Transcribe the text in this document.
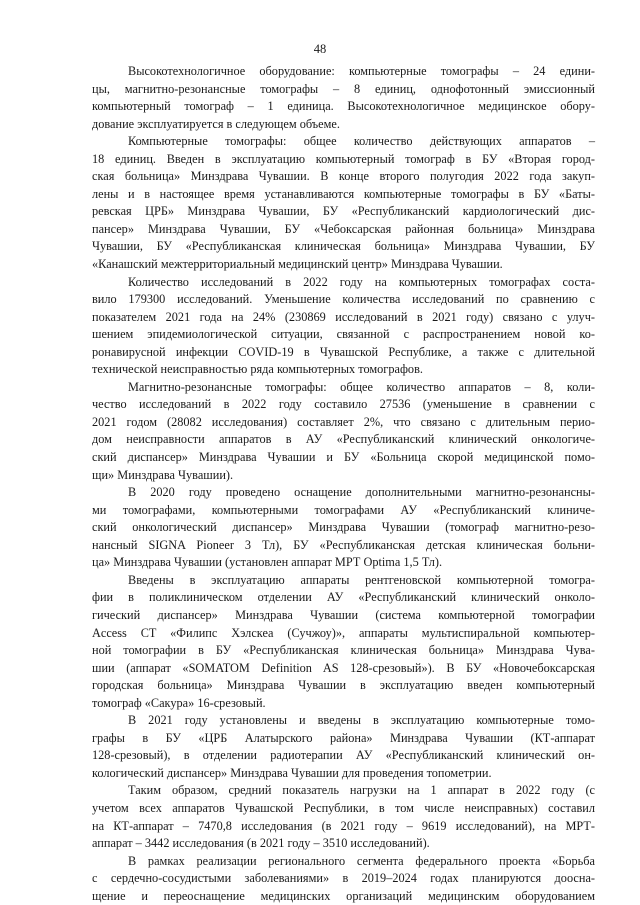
48
Высокотехнологичное оборудование: компьютерные томографы – 24 едини-
цы, магнитно-резонансные томографы – 8 единиц, однофотонный эмиссионный
компьютерный томограф – 1 единица. Высокотехнологичное медицинское обору-
дование эксплуатируется в следующем объеме.
Компьютерные томографы: общее количество действующих аппаратов –
18 единиц. Введен в эксплуатацию компьютерный томограф в БУ «Вторая город-
ская больница» Минздрава Чувашии. В конце второго полугодия 2022 года закуп-
лены и в настоящее время устанавливаются компьютерные томографы в БУ «Баты-
ревская ЦРБ» Минздрава Чувашии, БУ «Республиканский кардиологический дис-
пансер» Минздрава Чувашии, БУ «Чебоксарская районная больница» Минздрава
Чувашии, БУ «Республиканская клиническая больница» Минздрава Чувашии, БУ
«Канашский межтерриториальный медицинский центр» Минздрава Чувашии.
Количество исследований в 2022 году на компьютерных томографах соста-
вило 179300 исследований. Уменьшение количества исследований по сравнению с
показателем 2021 года на 24% (230869 исследований в 2021 году) связано с улуч-
шением эпидемиологической ситуации, связанной с распространением новой ко-
ронавирусной инфекции COVID-19 в Чувашской Республике, а также с длительной
технической неисправностью ряда компьютерных томографов.
Магнитно-резонансные томографы: общее количество аппаратов – 8, коли-
чество исследований в 2022 году составило 27536 (уменьшение в сравнении с
2021 годом (28082 исследования) составляет 2%, что связано с длительным перио-
дом неисправности аппаратов в АУ «Республиканский клинический онкологиче-
ский диспансер» Минздрава Чувашии и БУ «Больница скорой медицинской помо-
щи» Минздрава Чувашии).
В 2020 году проведено оснащение дополнительными магнитно-резонансны-
ми томографами, компьютерными томографами АУ «Республиканский клиниче-
ский онкологический диспансер» Минздрава Чувашии (томограф магнитно-резо-
нансный SIGNA Pioneer 3 Тл), БУ «Республиканская детская клиническая больни-
ца» Минздрава Чувашии (установлен аппарат МРТ Optima 1,5 Тл).
Введены в эксплуатацию аппараты рентгеновской компьютерной томогра-
фии в поликлиническом отделении АУ «Республиканский клинический онколо-
гический диспансер» Минздрава Чувашии (система компьютерной томографии
Access CT «Филипс Хэлскеа (Сучжоу)», аппараты мультиспиральной компьютер-
ной томографии в БУ «Республиканская клиническая больница» Минздрава Чува-
шии (аппарат «SOMATOM Definition AS 128-срезовый»). В БУ «Новочебоксарская
городская больница» Минздрава Чувашии в эксплуатацию введен компьютерный
томограф «Сакура» 16-срезовый.
В 2021 году установлены и введены в эксплуатацию компьютерные томо-
графы в БУ «ЦРБ Алатырского района» Минздрава Чувашии (КТ-аппарат
128-срезовый), в отделении радиотерапии АУ «Республиканский клинический он-
кологический диспансер» Минздрава Чувашии для проведения топометрии.
Таким образом, средний показатель нагрузки на 1 аппарат в 2022 году (с
учетом всех аппаратов Чувашской Республики, в том числе неисправных) составил
на КТ-аппарат – 7470,8 исследования (в 2021 году – 9619 исследований), на МРТ-
аппарат – 3442 исследования (в 2021 году – 3510 исследований).
В рамках реализации регионального сегмента федерального проекта «Борьба
с сердечно-сосудистыми заболеваниями» в 2019–2024 годах планируются доосна-
щение и переоснащение медицинских организаций медицинским оборудованием
